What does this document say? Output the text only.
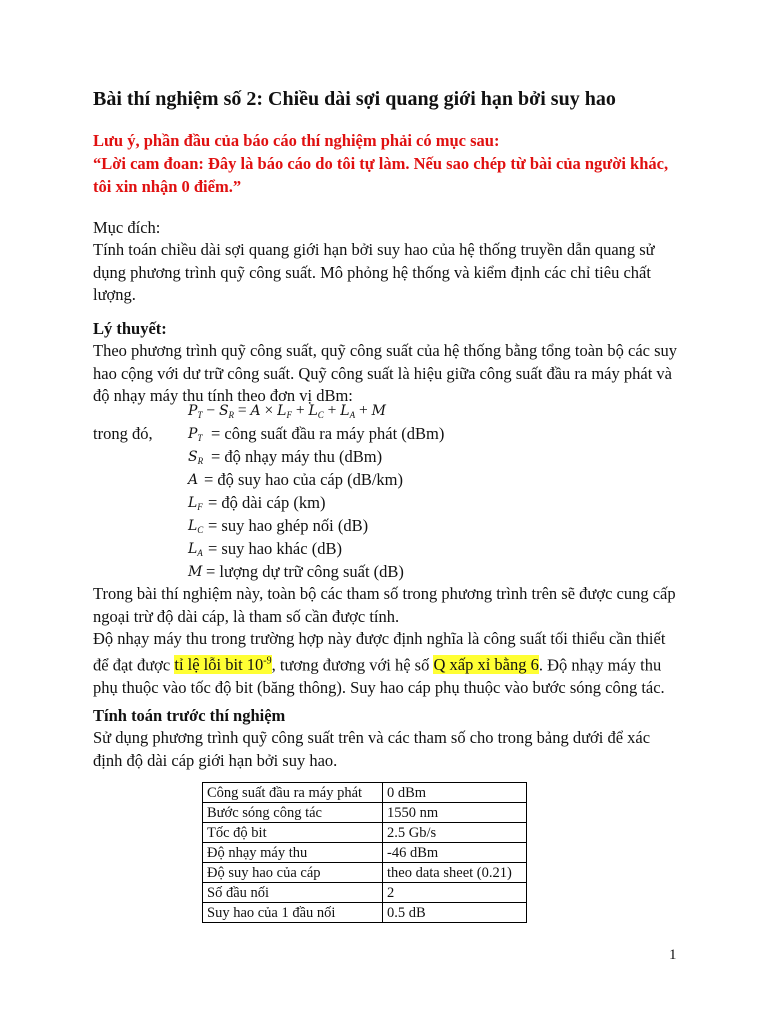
Bài thí nghiệm số 2: Chiều dài sợi quang giới hạn bởi suy hao
Lưu ý, phần đầu của báo cáo thí nghiệm phải có mục sau:
“Lời cam đoan: Đây là báo cáo do tôi tự làm. Nếu sao chép từ bài của người khác,
tôi xin nhận 0 điểm.”
Mục đích:
Tính toán chiều dài sợi quang giới hạn bởi suy hao của hệ thống truyền dẫn quang sử dụng phương trình quỹ công suất. Mô phỏng hệ thống và kiểm định các chỉ tiêu chất lượng.
Lý thuyết:
Theo phương trình quỹ công suất, quỹ công suất của hệ thống bằng tổng toàn bộ các suy hao cộng với dư trữ công suất. Quỹ công suất là hiệu giữa công suất đầu ra máy phát và độ nhạy máy thu tính theo đơn vị dBm:
$P_T - S_R = A \times L_F + L_C + L_A + M$
trong đó,	$P_T$ = công suất đầu ra máy phát (dBm)
$S_R$ = độ nhạy máy thu (dBm)
A = độ suy hao của cáp (dB/km)
$L_F$ = độ dài cáp (km)
$L_C$ = suy hao ghép nối (dB)
$L_A$ = suy hao khác (dB)
M = lượng dự trữ công suất (dB)
Trong bài thí nghiệm này, toàn bộ các tham số trong phương trình trên sẽ được cung cấp ngoại trừ độ dài cáp, là tham số cần được tính.
Độ nhạy máy thu trong trường hợp này được định nghĩa là công suất tối thiểu cần thiết để đạt được tỉ lệ lỗi bit $10^{-9}$, tương đương với hệ số Q xấp xỉ bằng 6. Độ nhạy máy thu phụ thuộc vào tốc độ bit (băng thông). Suy hao cáp phụ thuộc vào bước sóng công tác.
Tính toán trước thí nghiệm
Sử dụng phương trình quỹ công suất trên và các tham số cho trong bảng dưới để xác định độ dài cáp giới hạn bởi suy hao.
Công suất đầu ra máy phát	0 dBm
Bước sóng công tác	1550 nm
Tốc độ bit	2.5 Gb/s
Độ nhạy máy thu	-46 dBm
Độ suy hao của cáp	theo data sheet (0.21)
Số đầu nối	2
Suy hao của 1 đầu nối	0.5 dB
1
